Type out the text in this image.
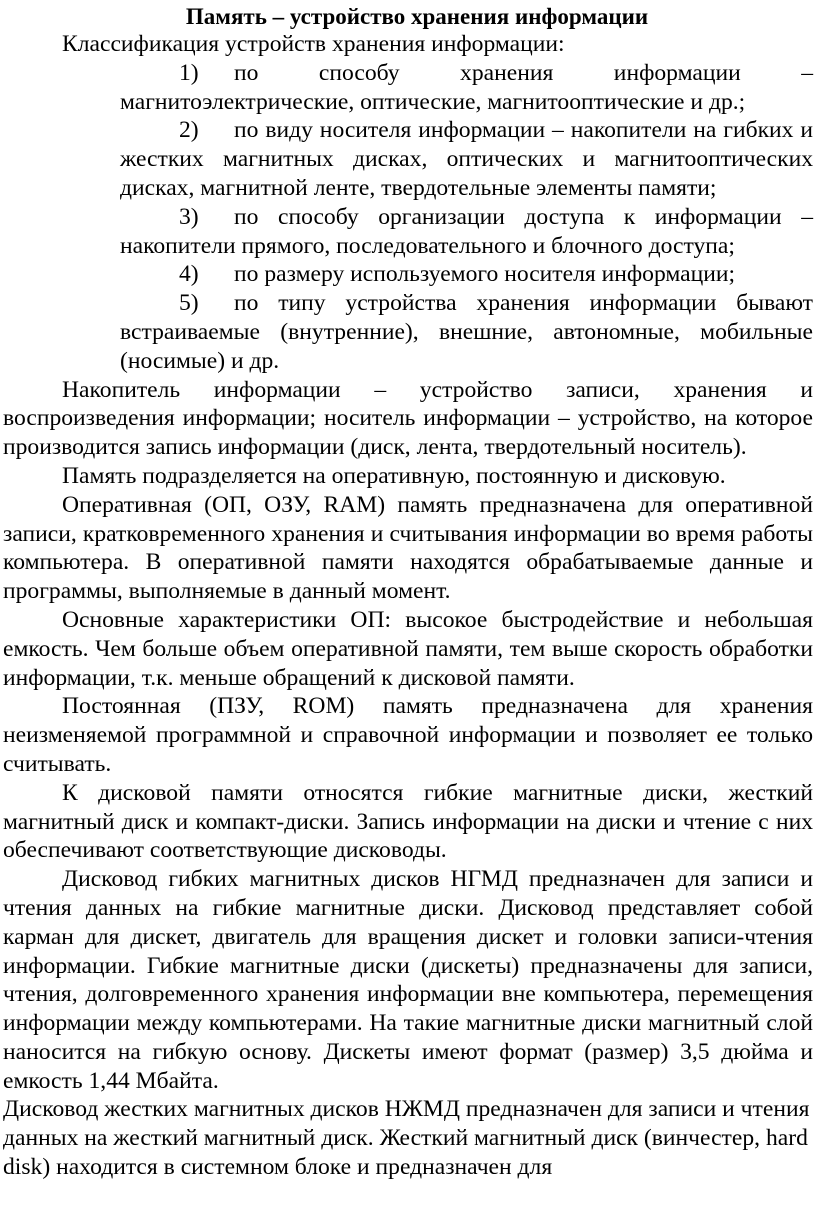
Память – устройство хранения информации

Классификация устройств хранения информации:

1) по способу хранения информации – магнитоэлектрические, оптические, магнитооптические и др.;

2) по виду носителя информации – накопители на гибких и жестких магнитных дисках, оптических и магнитооптических дисках, магнитной ленте, твердотельные элементы памяти;

3) по способу организации доступа к информации – накопители прямого, последовательного и блочного доступа;

4) по размеру используемого носителя информации;

5) по типу устройства хранения информации бывают встраиваемые (внутренние), внешние, автономные, мобильные (носимые) и др.

Накопитель информации – устройство записи, хранения и воспроизведения информации; носитель информации – устройство, на которое производится запись информации (диск, лента, твердотельный носитель).

Память подразделяется на оперативную, постоянную и дисковую.

Оперативная (ОП, ОЗУ, RAM) память предназначена для оперативной записи, кратковременного хранения и считывания информации во время работы компьютера. В оперативной памяти находятся обрабатываемые данные и программы, выполняемые в данный момент.

Основные характеристики ОП: высокое быстродействие и небольшая емкость. Чем больше объем оперативной памяти, тем выше скорость обработки информации, т.к. меньше обращений к дисковой памяти.

Постоянная (ПЗУ, ROM) память предназначена для хранения неизменяемой программной и справочной информации и позволяет ее только считывать.

К дисковой памяти относятся гибкие магнитные диски, жесткий магнитный диск и компакт-диски. Запись информации на диски и чтение с них обеспечивают соответствующие дисководы.

Дисковод гибких магнитных дисков НГМД предназначен для записи и чтения данных на гибкие магнитные диски. Дисковод представляет собой карман для дискет, двигатель для вращения дискет и головки записи-чтения информации. Гибкие магнитные диски (дискеты) предназначены для записи, чтения, долговременного хранения информации вне компьютера, перемещения информации между компьютерами. На такие магнитные диски магнитный слой наносится на гибкую основу. Дискеты имеют формат (размер) 3,5 дюйма и емкость 1,44 Мбайта.

Дисковод жестких магнитных дисков НЖМД предназначен для записи и чтения данных на жесткий магнитный диск. Жесткий магнитный диск (винчестер, hard disk) находится в системном блоке и предназначен для
